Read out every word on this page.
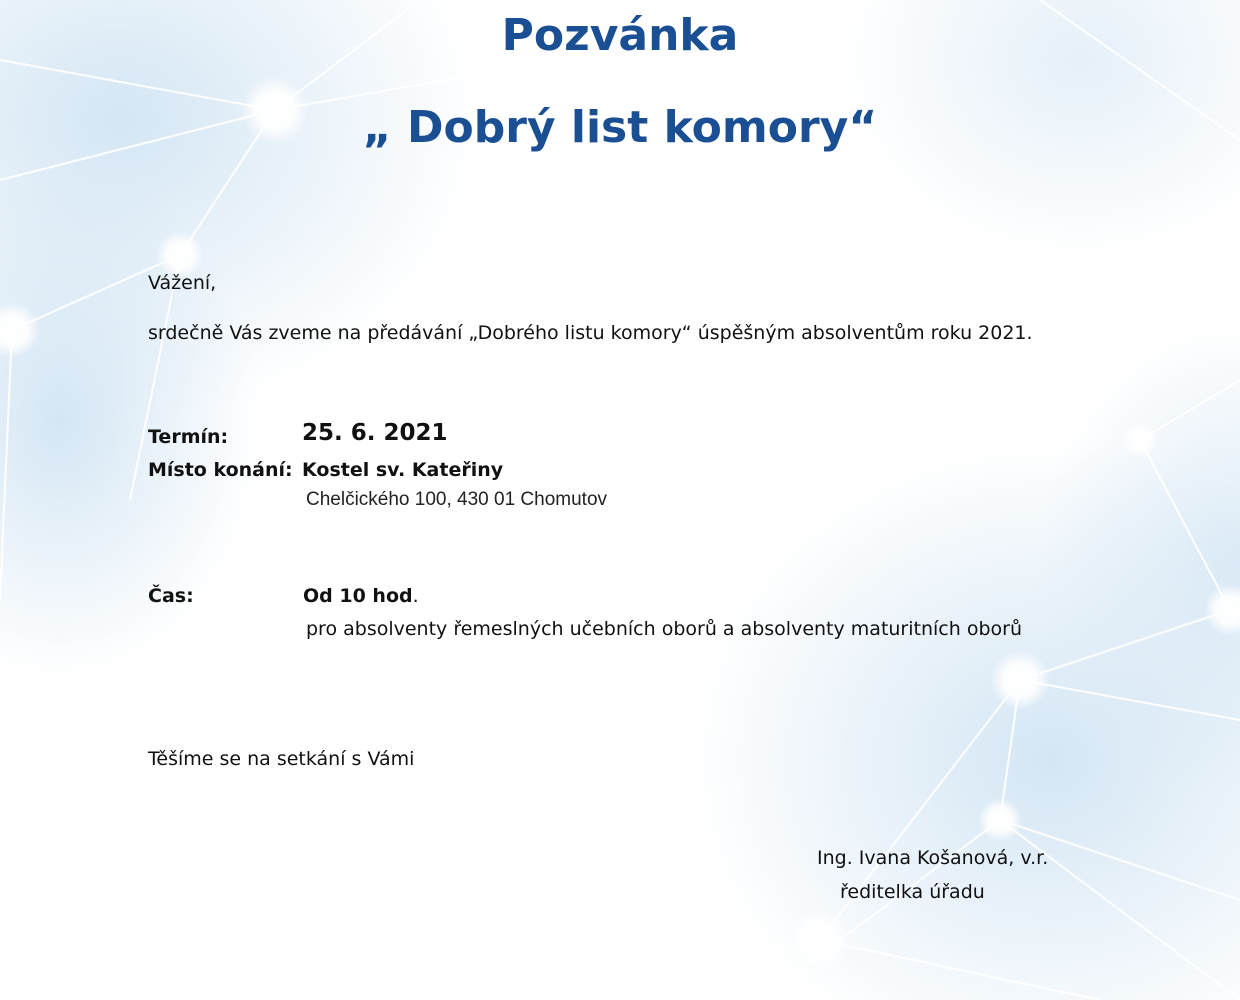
Pozvánka
„ Dobrý list komory“
Vážení,
srdečně Vás zveme na předávání „Dobrého listu komory“ úspěšným absolventům roku 2021.
Termín:	25. 6. 2021
Místo konání: Kostel sv. Kateřiny
Chelčického 100, 430 01 Chomutov
Čas:	Od 10 hod.
pro absolventy řemeslných učebních oborů a absolventy maturitních oborů
Těšíme se na setkání s Vámi
Ing. Ivana Košanová, v.r.
ředitelka úřadu
